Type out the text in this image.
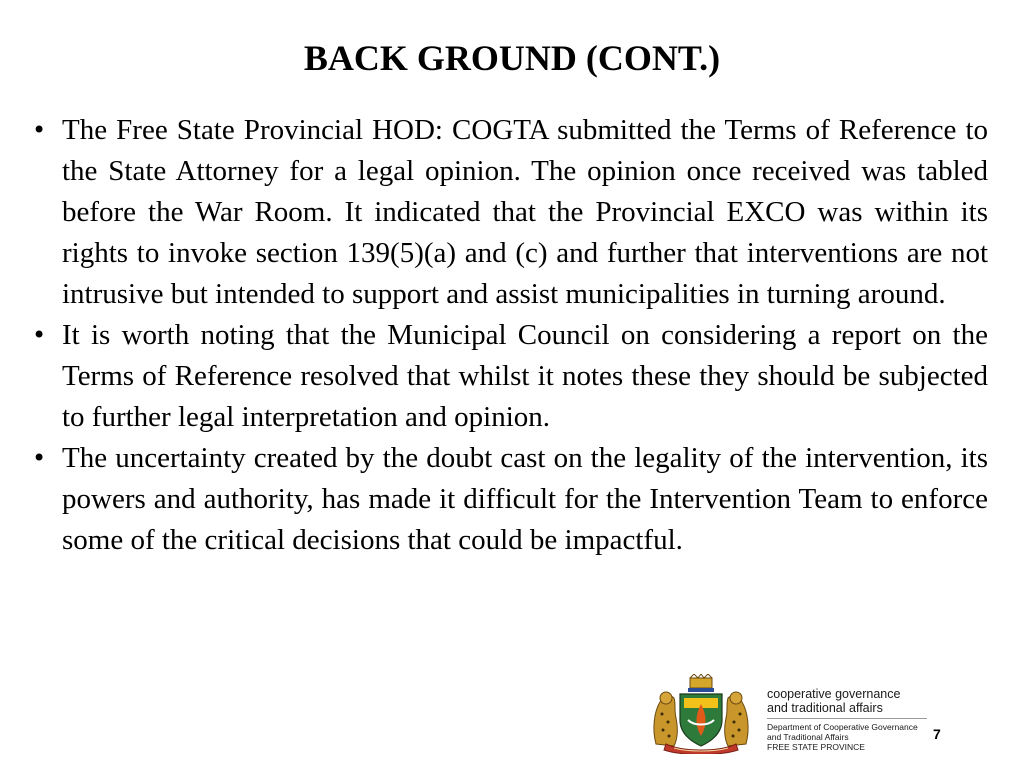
BACK GROUND (CONT.)
• The Free State Provincial HOD: COGTA submitted the Terms of Reference to the State Attorney for a legal opinion. The opinion once received was tabled before the War Room. It indicated that the Provincial EXCO was within its rights to invoke section 139(5)(a) and (c) and further that interventions are not intrusive but intended to support and assist municipalities in turning around.
• It is worth noting that the Municipal Council on considering a report on the Terms of Reference resolved that whilst it notes these they should be subjected to further legal interpretation and opinion.
• The uncertainty created by the doubt cast on the legality of the intervention, its powers and authority, has made it difficult for the Intervention Team to enforce some of the critical decisions that could be impactful.
cooperative governance
and traditional affairs
Department of Cooperative Governance
and Traditional Affairs
FREE STATE PROVINCE
7
